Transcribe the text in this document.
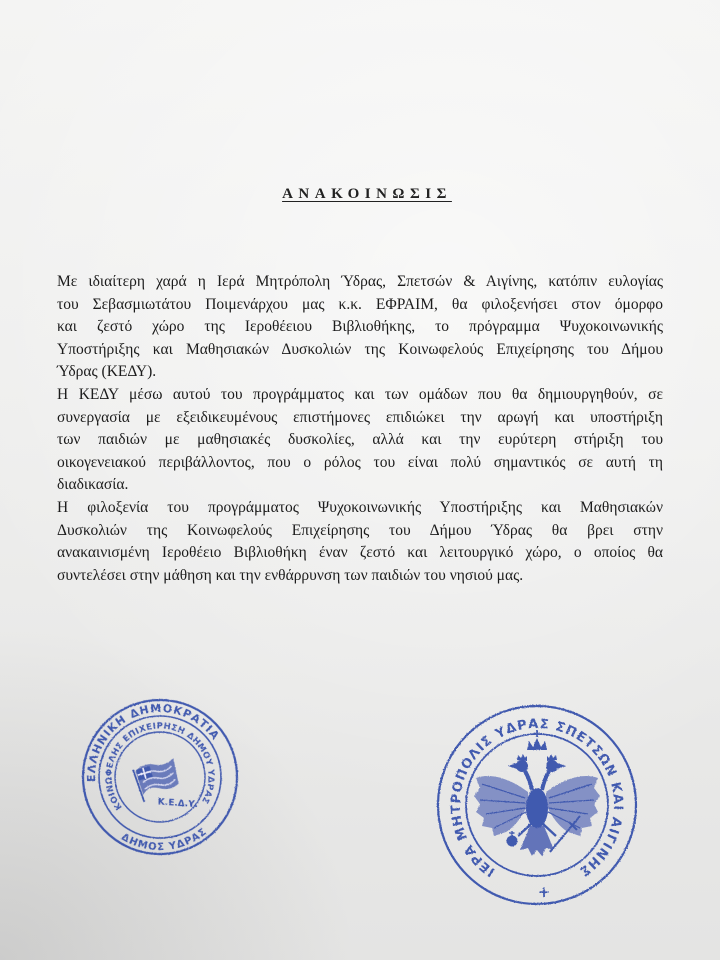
ΑΝΑΚΟΙΝΩΣΙΣ
Με ιδιαίτερη χαρά η Ιερά Μητρόπολη Ύδρας, Σπετσών & Αιγίνης, κατόπιν ευλογίας
του Σεβασμιωτάτου Ποιμενάρχου μας κ.κ. ΕΦΡΑΙΜ, θα φιλοξενήσει στον όμορφο
και ζεστό χώρο της Ιεροθέειου Βιβλιοθήκης, το πρόγραμμα Ψυχοκοινωνικής
Υποστήριξης και Μαθησιακών Δυσκολιών της Κοινωφελούς Επιχείρησης του Δήμου
Ύδρας (ΚΕΔΥ).
Η ΚΕΔΥ μέσω αυτού του προγράμματος και των ομάδων που θα δημιουργηθούν, σε
συνεργασία με εξειδικευμένους επιστήμονες επιδιώκει την αρωγή και υποστήριξη
των παιδιών με μαθησιακές δυσκολίες, αλλά και την ευρύτερη στήριξη του
οικογενειακού περιβάλλοντος, που ο ρόλος του είναι πολύ σημαντικός σε αυτή τη
διαδικασία.
Η φιλοξενία του προγράμματος Ψυχοκοινωνικής Υποστήριξης και Μαθησιακών
Δυσκολιών της Κοινωφελούς Επιχείρησης του Δήμου Ύδρας θα βρει στην
ανακαινισμένη Ιεροθέειο Βιβλιοθήκη έναν ζεστό και λειτουργικό χώρο, ο οποίος θα
συντελέσει στην μάθηση και την ενθάρρυνση των παιδιών του νησιού μας.
ΕΛΛΗΝΙΚΗ ΔΗΜΟΚΡΑΤΙΑ
ΚΟΙΝΩΦΕΛΗΣ ΕΠΙΧΕΙΡΗΣΗ ΔΗΜΟΥ ΥΔΡΑΣ
ΔΗΜΟΣ ΥΔΡΑΣ
Κ.Ε.Δ.Υ.
ΙΕΡΑ ΜΗΤΡΟΠΟΛΙΣ ΥΔΡΑΣ ΣΠΕΤΣΩΝ ΚΑΙ ΑΙΓΙΝΗΣ
+
